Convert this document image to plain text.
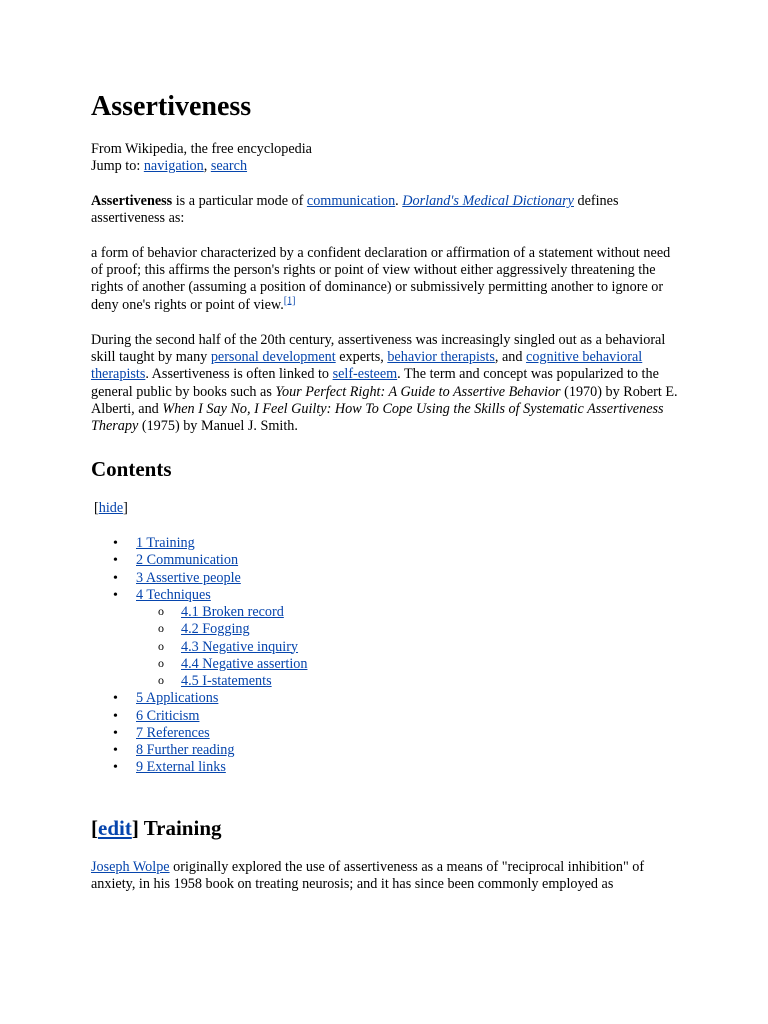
Assertiveness
From Wikipedia, the free encyclopedia
Jump to: navigation, search

Assertiveness is a particular mode of communication. Dorland's Medical Dictionary defines assertiveness as:

a form of behavior characterized by a confident declaration or affirmation of a statement without need of proof; this affirms the person's rights or point of view without either aggressively threatening the rights of another (assuming a position of dominance) or submissively permitting another to ignore or deny one's rights or point of view.[1]

During the second half of the 20th century, assertiveness was increasingly singled out as a behavioral skill taught by many personal development experts, behavior therapists, and cognitive behavioral therapists. Assertiveness is often linked to self-esteem. The term and concept was popularized to the general public by books such as Your Perfect Right: A Guide to Assertive Behavior (1970) by Robert E. Alberti, and When I Say No, I Feel Guilty: How To Cope Using the Skills of Systematic Assertiveness Therapy (1975) by Manuel J. Smith.

Contents
[hide]
• 1 Training
• 2 Communication
• 3 Assertive people
• 4 Techniques
o 4.1 Broken record
o 4.2 Fogging
o 4.3 Negative inquiry
o 4.4 Negative assertion
o 4.5 I-statements
• 5 Applications
• 6 Criticism
• 7 References
• 8 Further reading
• 9 External links
[edit] Training

Joseph Wolpe originally explored the use of assertiveness as a means of "reciprocal inhibition" of anxiety, in his 1958 book on treating neurosis; and it has since been commonly employed as
